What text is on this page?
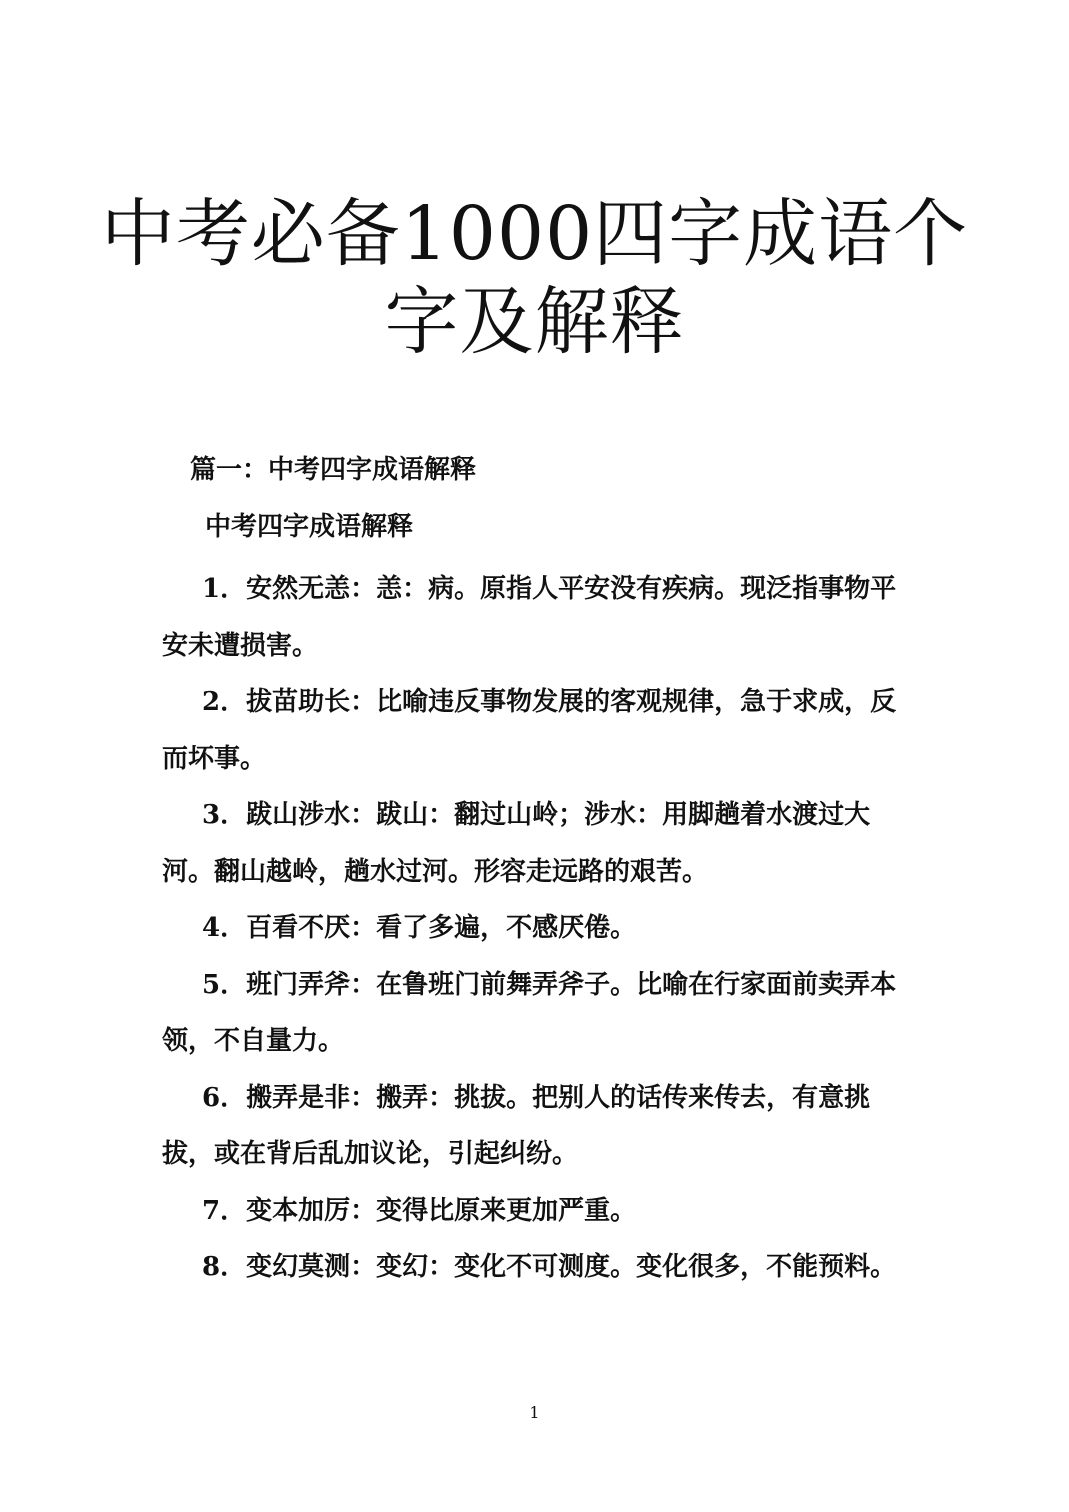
中考必备1000四字成语个
字及解释
篇一：中考四字成语解释
中考四字成语解释

1．安然无恙：恙：病。原指人平安没有疾病。现泛指事物平安未遭损害。

2．拔苗助长：比喻违反事物发展的客观规律，急于求成，反而坏事。

3．跋山涉水：跋山：翻过山岭；涉水：用脚趟着水渡过大河。翻山越岭，趟水过河。形容走远路的艰苦。

4．百看不厌：看了多遍，不感厌倦。

5．班门弄斧：在鲁班门前舞弄斧子。比喻在行家面前卖弄本领，不自量力。

6．搬弄是非：搬弄：挑拔。把别人的话传来传去，有意挑拔，或在背后乱加议论，引起纠纷。

7．变本加厉：变得比原来更加严重。

8．变幻莫测：变幻：变化不可测度。变化很多，不能预料。

1
